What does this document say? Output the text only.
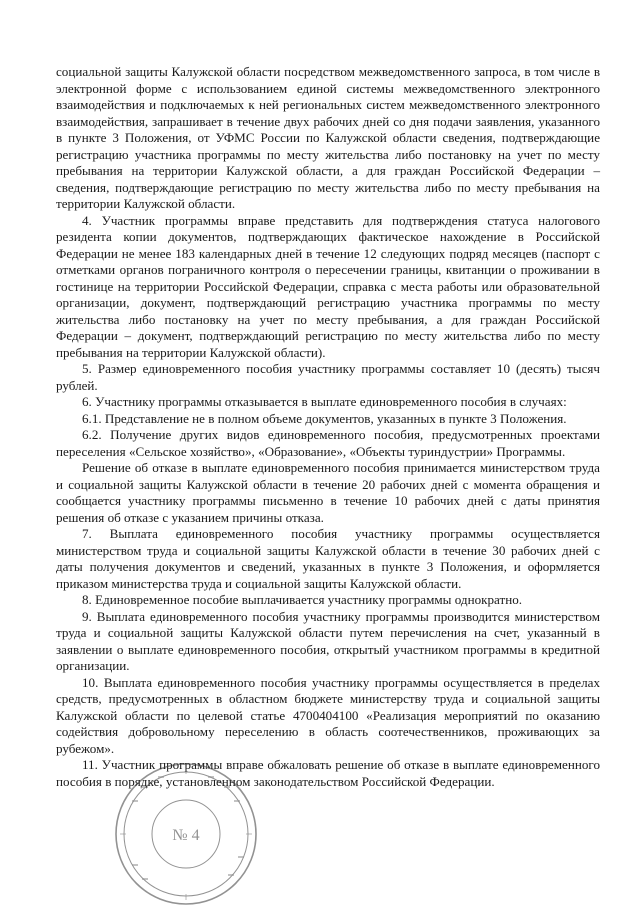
социальной защиты Калужской области посредством межведомственного запроса, в том числе в электронной форме с использованием единой системы межведомственного электронного взаимодействия и подключаемых к ней региональных систем межведомственного электронного взаимодействия, запрашивает в течение двух рабочих дней со дня подачи заявления, указанного в пункте 3 Положения, от УФМС России по Калужской области сведения, подтверждающие регистрацию участника программы по месту жительства либо постановку на учет по месту пребывания на территории Калужской области, а для граждан Российской Федерации – сведения, подтверждающие регистрацию по месту жительства либо по месту пребывания на территории Калужской области.

4. Участник программы вправе представить для подтверждения статуса налогового резидента копии документов, подтверждающих фактическое нахождение в Российской Федерации не менее 183 календарных дней в течение 12 следующих подряд месяцев (паспорт с отметками органов пограничного контроля о пересечении границы, квитанции о проживании в гостинице на территории Российской Федерации, справка с места работы или образовательной организации, документ, подтверждающий регистрацию участника программы по месту жительства либо постановку на учет по месту пребывания, а для граждан Российской Федерации – документ, подтверждающий регистрацию по месту жительства либо по месту пребывания на территории Калужской области).

5. Размер единовременного пособия участнику программы составляет 10 (десять) тысяч рублей.

6. Участнику программы отказывается в выплате единовременного пособия в случаях:

6.1. Представление не в полном объеме документов, указанных в пункте 3 Положения.

6.2. Получение других видов единовременного пособия, предусмотренных проектами переселения «Сельское хозяйство», «Образование», «Объекты туриндустрии» Программы.

Решение об отказе в выплате единовременного пособия принимается министерством труда и социальной защиты Калужской области в течение 20 рабочих дней с момента обращения и сообщается участнику программы письменно в течение 10 рабочих дней с даты принятия решения об отказе с указанием причины отказа.

7. Выплата единовременного пособия участнику программы осуществляется министерством труда и социальной защиты Калужской области в течение 30 рабочих дней с даты получения документов и сведений, указанных в пункте 3 Положения, и оформляется приказом министерства труда и социальной защиты Калужской области.

8. Единовременное пособие выплачивается участнику программы однократно.

9. Выплата единовременного пособия участнику программы производится министерством труда и социальной защиты Калужской области путем перечисления на счет, указанный в заявлении о выплате единовременного пособия, открытый участником программы в кредитной организации.

10. Выплата единовременного пособия участнику программы осуществляется в пределах средств, предусмотренных в областном бюджете министерству труда и социальной защиты Калужской области по целевой статье 4700404100 «Реализация мероприятий по оказанию содействия добровольному переселению в область соотечественников, проживающих за рубежом».

11. Участник программы вправе обжаловать решение об отказе в выплате единовременного пособия в порядке, установленном законодательством Российской Федерации.

№ 4
